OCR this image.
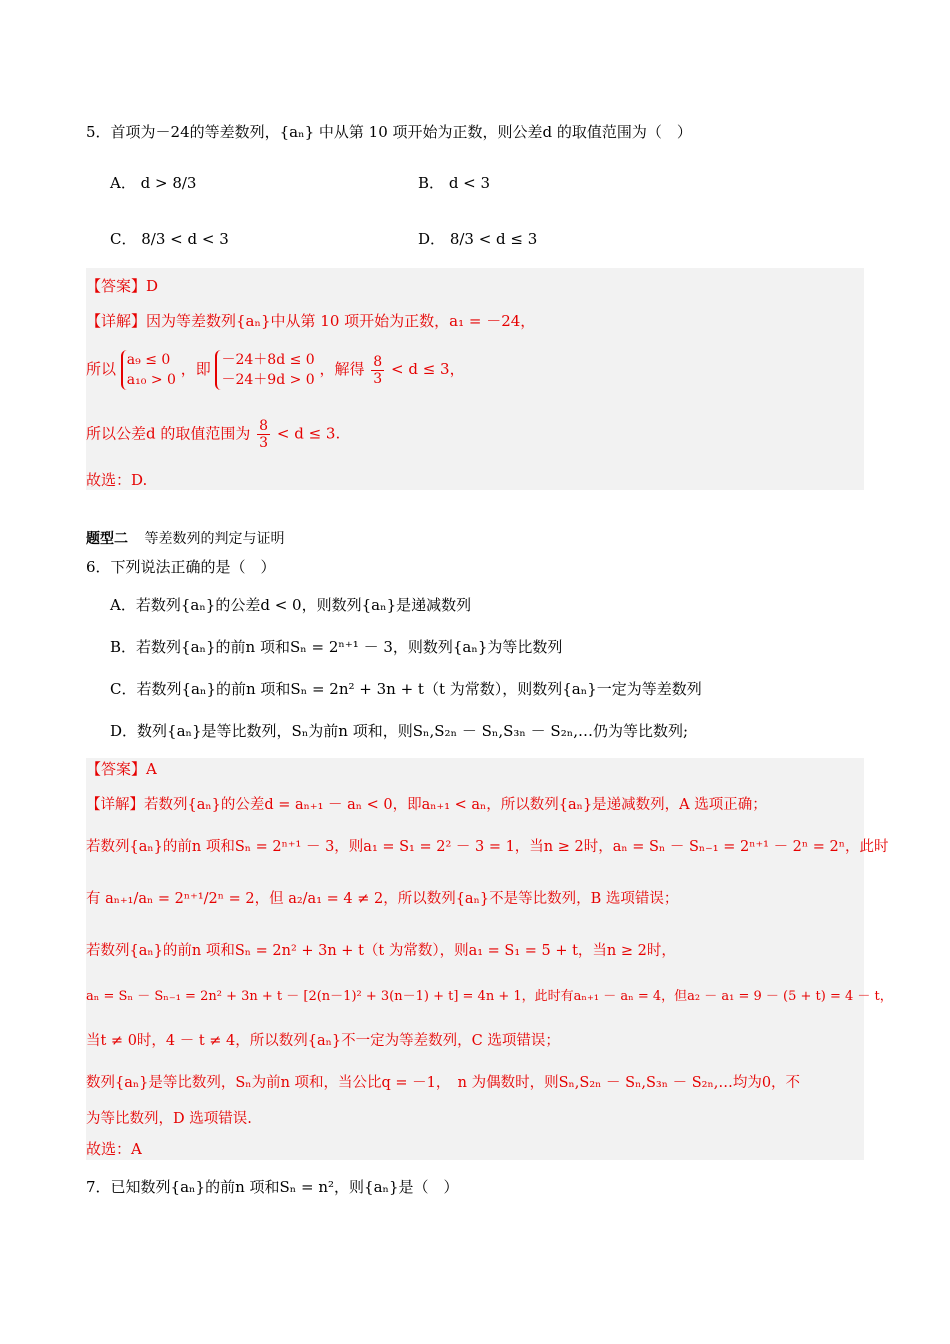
5．首项为－24的等差数列，{aₙ} 中从第 10 项开始为正数，则公差d 的取值范围为（　）
A． d > 8/3	B． d < 3
C． 8/3 < d < 3	D． 8/3 < d ≤ 3
【答案】D
【详解】因为等差数列{aₙ}中从第 10 项开始为正数，a₁ = －24，
所以 a₉ ≤ 0
a₁₀ > 0
，即 －24＋8d ≤ 0
－24＋9d > 0
，解得 $\frac{8}{3} < d \le 3$，
所以公差d 的取值范围为 $\frac{8}{3} < d \le 3$.
故选：D.
题型二 等差数列的判定与证明
6．下列说法正确的是（　）
A．若数列{aₙ}的公差d < 0，则数列{aₙ}是递减数列
B．若数列{aₙ}的前n 项和Sₙ = 2ⁿ⁺¹ － 3，则数列{aₙ}为等比数列
C．若数列{aₙ}的前n 项和Sₙ = 2n² + 3n + t（t 为常数），则数列{aₙ}一定为等差数列
D．数列{aₙ}是等比数列，Sₙ为前n 项和，则Sₙ,S₂ₙ － Sₙ,S₃ₙ － S₂ₙ,…仍为等比数列;
【答案】A
【详解】若数列{aₙ}的公差d = aₙ₊₁ － aₙ < 0，即aₙ₊₁ < aₙ，所以数列{aₙ}是递减数列，A 选项正确；
若数列{aₙ}的前n 项和Sₙ = 2ⁿ⁺¹ － 3，则a₁ = S₁ = 2² － 3 = 1，当n ≥ 2时，aₙ = Sₙ － Sₙ₋₁ = 2ⁿ⁺¹ － 2ⁿ = 2ⁿ，此时
有 aₙ₊₁/aₙ = 2ⁿ⁺¹/2ⁿ = 2，但 a₂/a₁ = 4 ≠ 2，所以数列{aₙ}不是等比数列，B 选项错误；
若数列{aₙ}的前n 项和Sₙ = 2n² + 3n + t（t 为常数），则a₁ = S₁ = 5 + t，当n ≥ 2时，
aₙ = Sₙ － Sₙ₋₁ = 2n² + 3n + t － [2(n－1)² + 3(n－1) + t] = 4n + 1，此时有aₙ₊₁ － aₙ = 4，但a₂ － a₁ = 9 － (5 + t) = 4 － t，
当t ≠ 0时，4 － t ≠ 4，所以数列{aₙ}不一定为等差数列，C 选项错误；
数列{aₙ}是等比数列，Sₙ为前n 项和，当公比q = －1，　n 为偶数时，则Sₙ,S₂ₙ － Sₙ,S₃ₙ － S₂ₙ,…均为0，不
为等比数列，D 选项错误.
故选：A
7．已知数列{aₙ}的前n 项和Sₙ = n²，则{aₙ}是（　）
